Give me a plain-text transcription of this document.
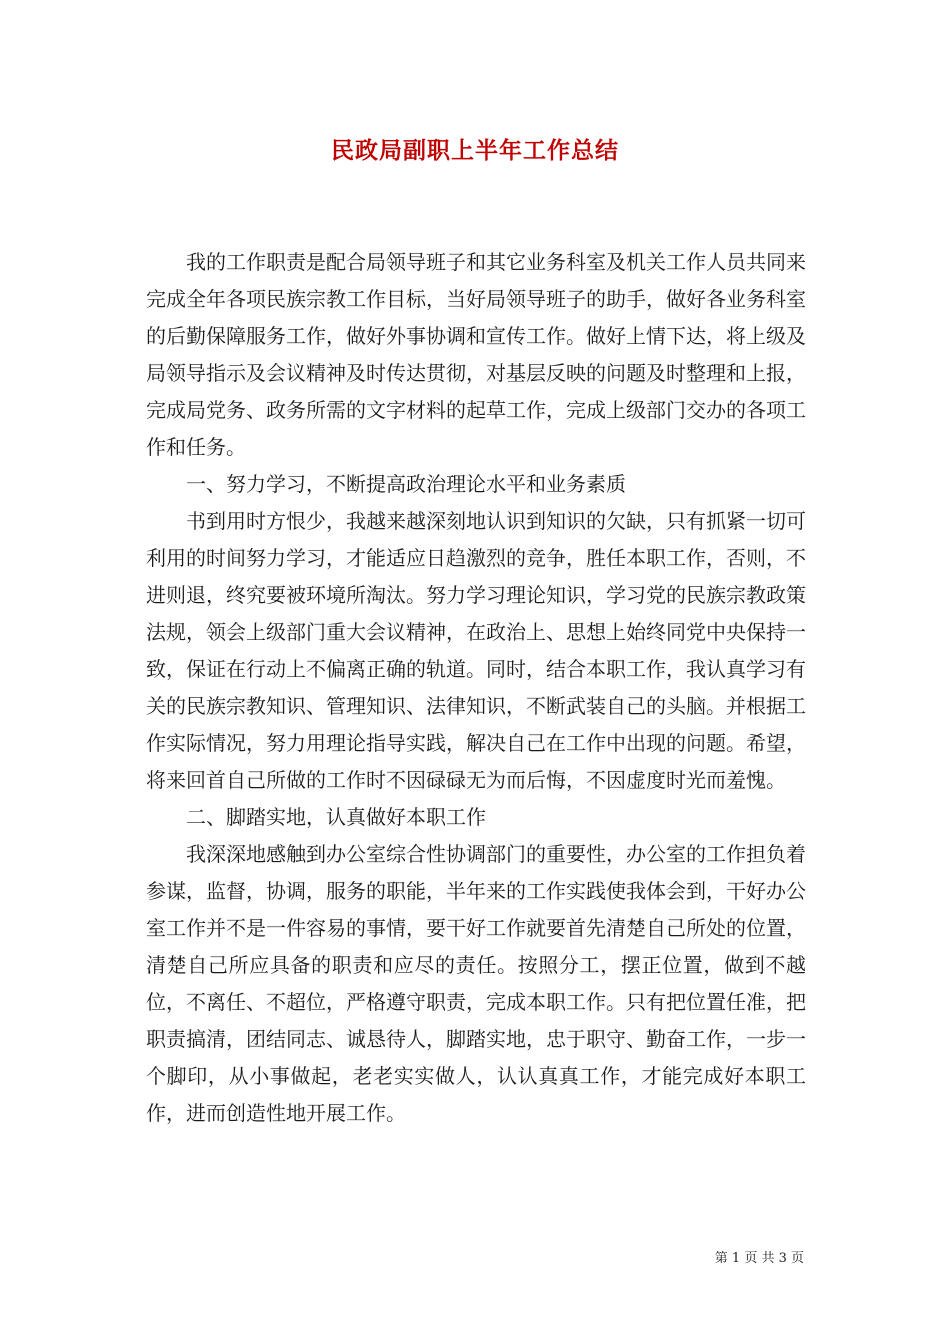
民政局副职上半年工作总结

我的工作职责是配合局领导班子和其它业务科室及机关工作人员共同来完成全年各项民族宗教工作目标，当好局领导班子的助手，做好各业务科室的后勤保障服务工作，做好外事协调和宣传工作。做好上情下达，将上级及局领导指示及会议精神及时传达贯彻，对基层反映的问题及时整理和上报，完成局党务、政务所需的文字材料的起草工作，完成上级部门交办的各项工作和任务。

一、努力学习，不断提高政治理论水平和业务素质

书到用时方恨少，我越来越深刻地认识到知识的欠缺，只有抓紧一切可利用的时间努力学习，才能适应日趋激烈的竞争，胜任本职工作，否则，不进则退，终究要被环境所淘汰。努力学习理论知识，学习党的民族宗教政策法规，领会上级部门重大会议精神，在政治上、思想上始终同党中央保持一致，保证在行动上不偏离正确的轨道。同时，结合本职工作，我认真学习有关的民族宗教知识、管理知识、法律知识，不断武装自己的头脑。并根据工作实际情况，努力用理论指导实践，解决自己在工作中出现的问题。希望，将来回首自己所做的工作时不因碌碌无为而后悔，不因虚度时光而羞愧。

二、脚踏实地，认真做好本职工作

我深深地感触到办公室综合性协调部门的重要性，办公室的工作担负着参谋，监督，协调，服务的职能，半年来的工作实践使我体会到，干好办公室工作并不是一件容易的事情，要干好工作就要首先清楚自己所处的位置，清楚自己所应具备的职责和应尽的责任。按照分工，摆正位置，做到不越位，不离任、不超位，严格遵守职责，完成本职工作。只有把位置任准，把职责搞清，团结同志、诚恳待人，脚踏实地，忠于职守、勤奋工作，一步一个脚印，从小事做起，老老实实做人，认认真真工作，才能完成好本职工作，进而创造性地开展工作。

第 1 页 共 3 页
